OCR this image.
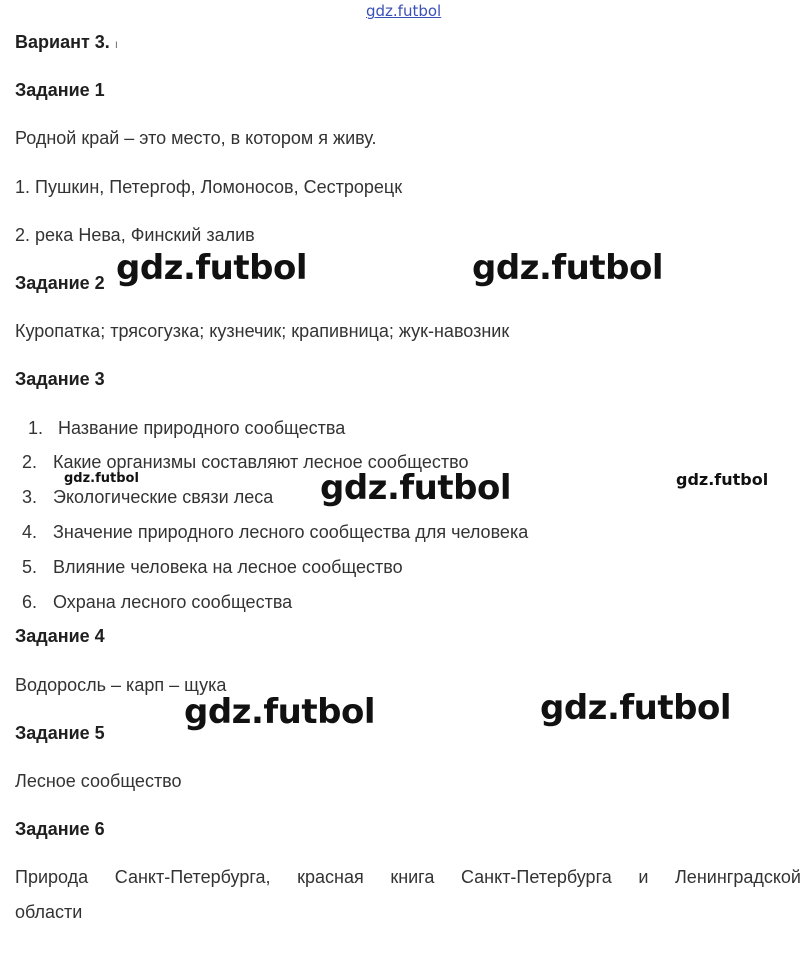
gdz.futbol
Вариант 3. ı
Задание 1
Родной край – это место, в котором я живу.
1. Пушкин, Петергоф, Ломоносов, Сестрорецк
2. река Нева, Финский залив
Задание 2
Куропатка; трясогузка; кузнечик; крапивница; жук-навозник
Задание 3
1. Название природного сообщества
2. Какие организмы составляют лесное сообщество
3. Экологические связи леса
4. Значение природного лесного сообщества для человека
5. Влияние человека на лесное сообщество
6. Охрана лесного сообщества
Задание 4
Водоросль – карп – щука
Задание 5
Лесное сообщество
Задание 6
Природа Санкт-Петербурга, красная книга Санкт-Петербурга и Ленинградской
области
gdz.futbol	gdz.futbol
gdz.futbol	gdz.futbol
gdz.futbol
gdz.futbol	gdz.futbol
